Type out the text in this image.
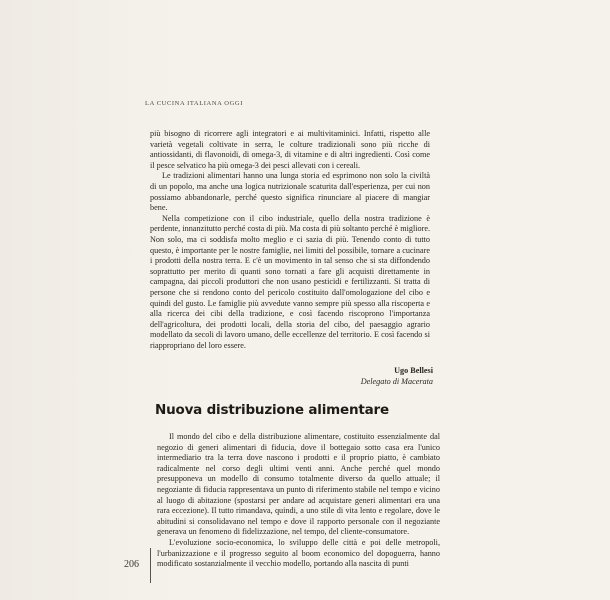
LA CUCINA ITALIANA OGGI

più bisogno di ricorrere agli integratori e ai multivitaminici. Infatti, rispetto alle varietà vegetali coltivate in serra, le colture tradizionali sono più ricche di antiossidanti, di flavonoidi, di omega-3, di vitamine e di altri ingredienti. Così come il pesce selvatico ha più omega-3 dei pesci allevati con i cereali.

Le tradizioni alimentari hanno una lunga storia ed esprimono non solo la civiltà di un popolo, ma anche una logica nutrizionale scaturita dall'esperienza, per cui non possiamo abbandonarle, perché questo significa rinunciare al piacere di mangiar bene.

Nella competizione con il cibo industriale, quello della nostra tradizione è perdente, innanzitutto perché costa di più. Ma costa di più soltanto perché è migliore. Non solo, ma ci soddisfa molto meglio e ci sazia di più. Tenendo conto di tutto questo, è importante per le nostre famiglie, nei limiti del possibile, tornare a cucinare i prodotti della nostra terra. E c'è un movimento in tal senso che si sta diffondendo soprattutto per merito di quanti sono tornati a fare gli acquisti direttamente in campagna, dai piccoli produttori che non usano pesticidi e fertilizzanti. Si tratta di persone che si rendono conto del pericolo costituito dall'omologazione del cibo e quindi del gusto. Le famiglie più avvedute vanno sempre più spesso alla riscoperta e alla ricerca dei cibi della tradizione, e così facendo riscoprono l'importanza dell'agricoltura, dei prodotti locali, della storia del cibo, del paesaggio agrario modellato da secoli di lavoro umano, delle eccellenze del territorio. E così facendo si riappropriano del loro essere.

Ugo Bellesi
Delegato di Macerata
Nuova distribuzione alimentare

Il mondo del cibo e della distribuzione alimentare, costituito essenzialmente dal negozio di generi alimentari di fiducia, dove il bottegaio sotto casa era l'unico intermediario tra la terra dove nascono i prodotti e il proprio piatto, è cambiato radicalmente nel corso degli ultimi venti anni. Anche perché quel mondo presupponeva un modello di consumo totalmente diverso da quello attuale; il negoziante di fiducia rappresentava un punto di riferimento stabile nel tempo e vicino al luogo di abitazione (spostarsi per andare ad acquistare generi alimentari era una rara eccezione). Il tutto rimandava, quindi, a uno stile di vita lento e regolare, dove le abitudini si consolidavano nel tempo e dove il rapporto personale con il negoziante generava un fenomeno di fidelizzazione, nel tempo, del cliente-consumatore.

L'evoluzione socio-economica, lo sviluppo delle città e poi delle metropoli, l'urbanizzazione e il progresso seguito al boom economico del dopoguerra, hanno modificato sostanzialmente il vecchio modello, portando alla nascita di punti

206
